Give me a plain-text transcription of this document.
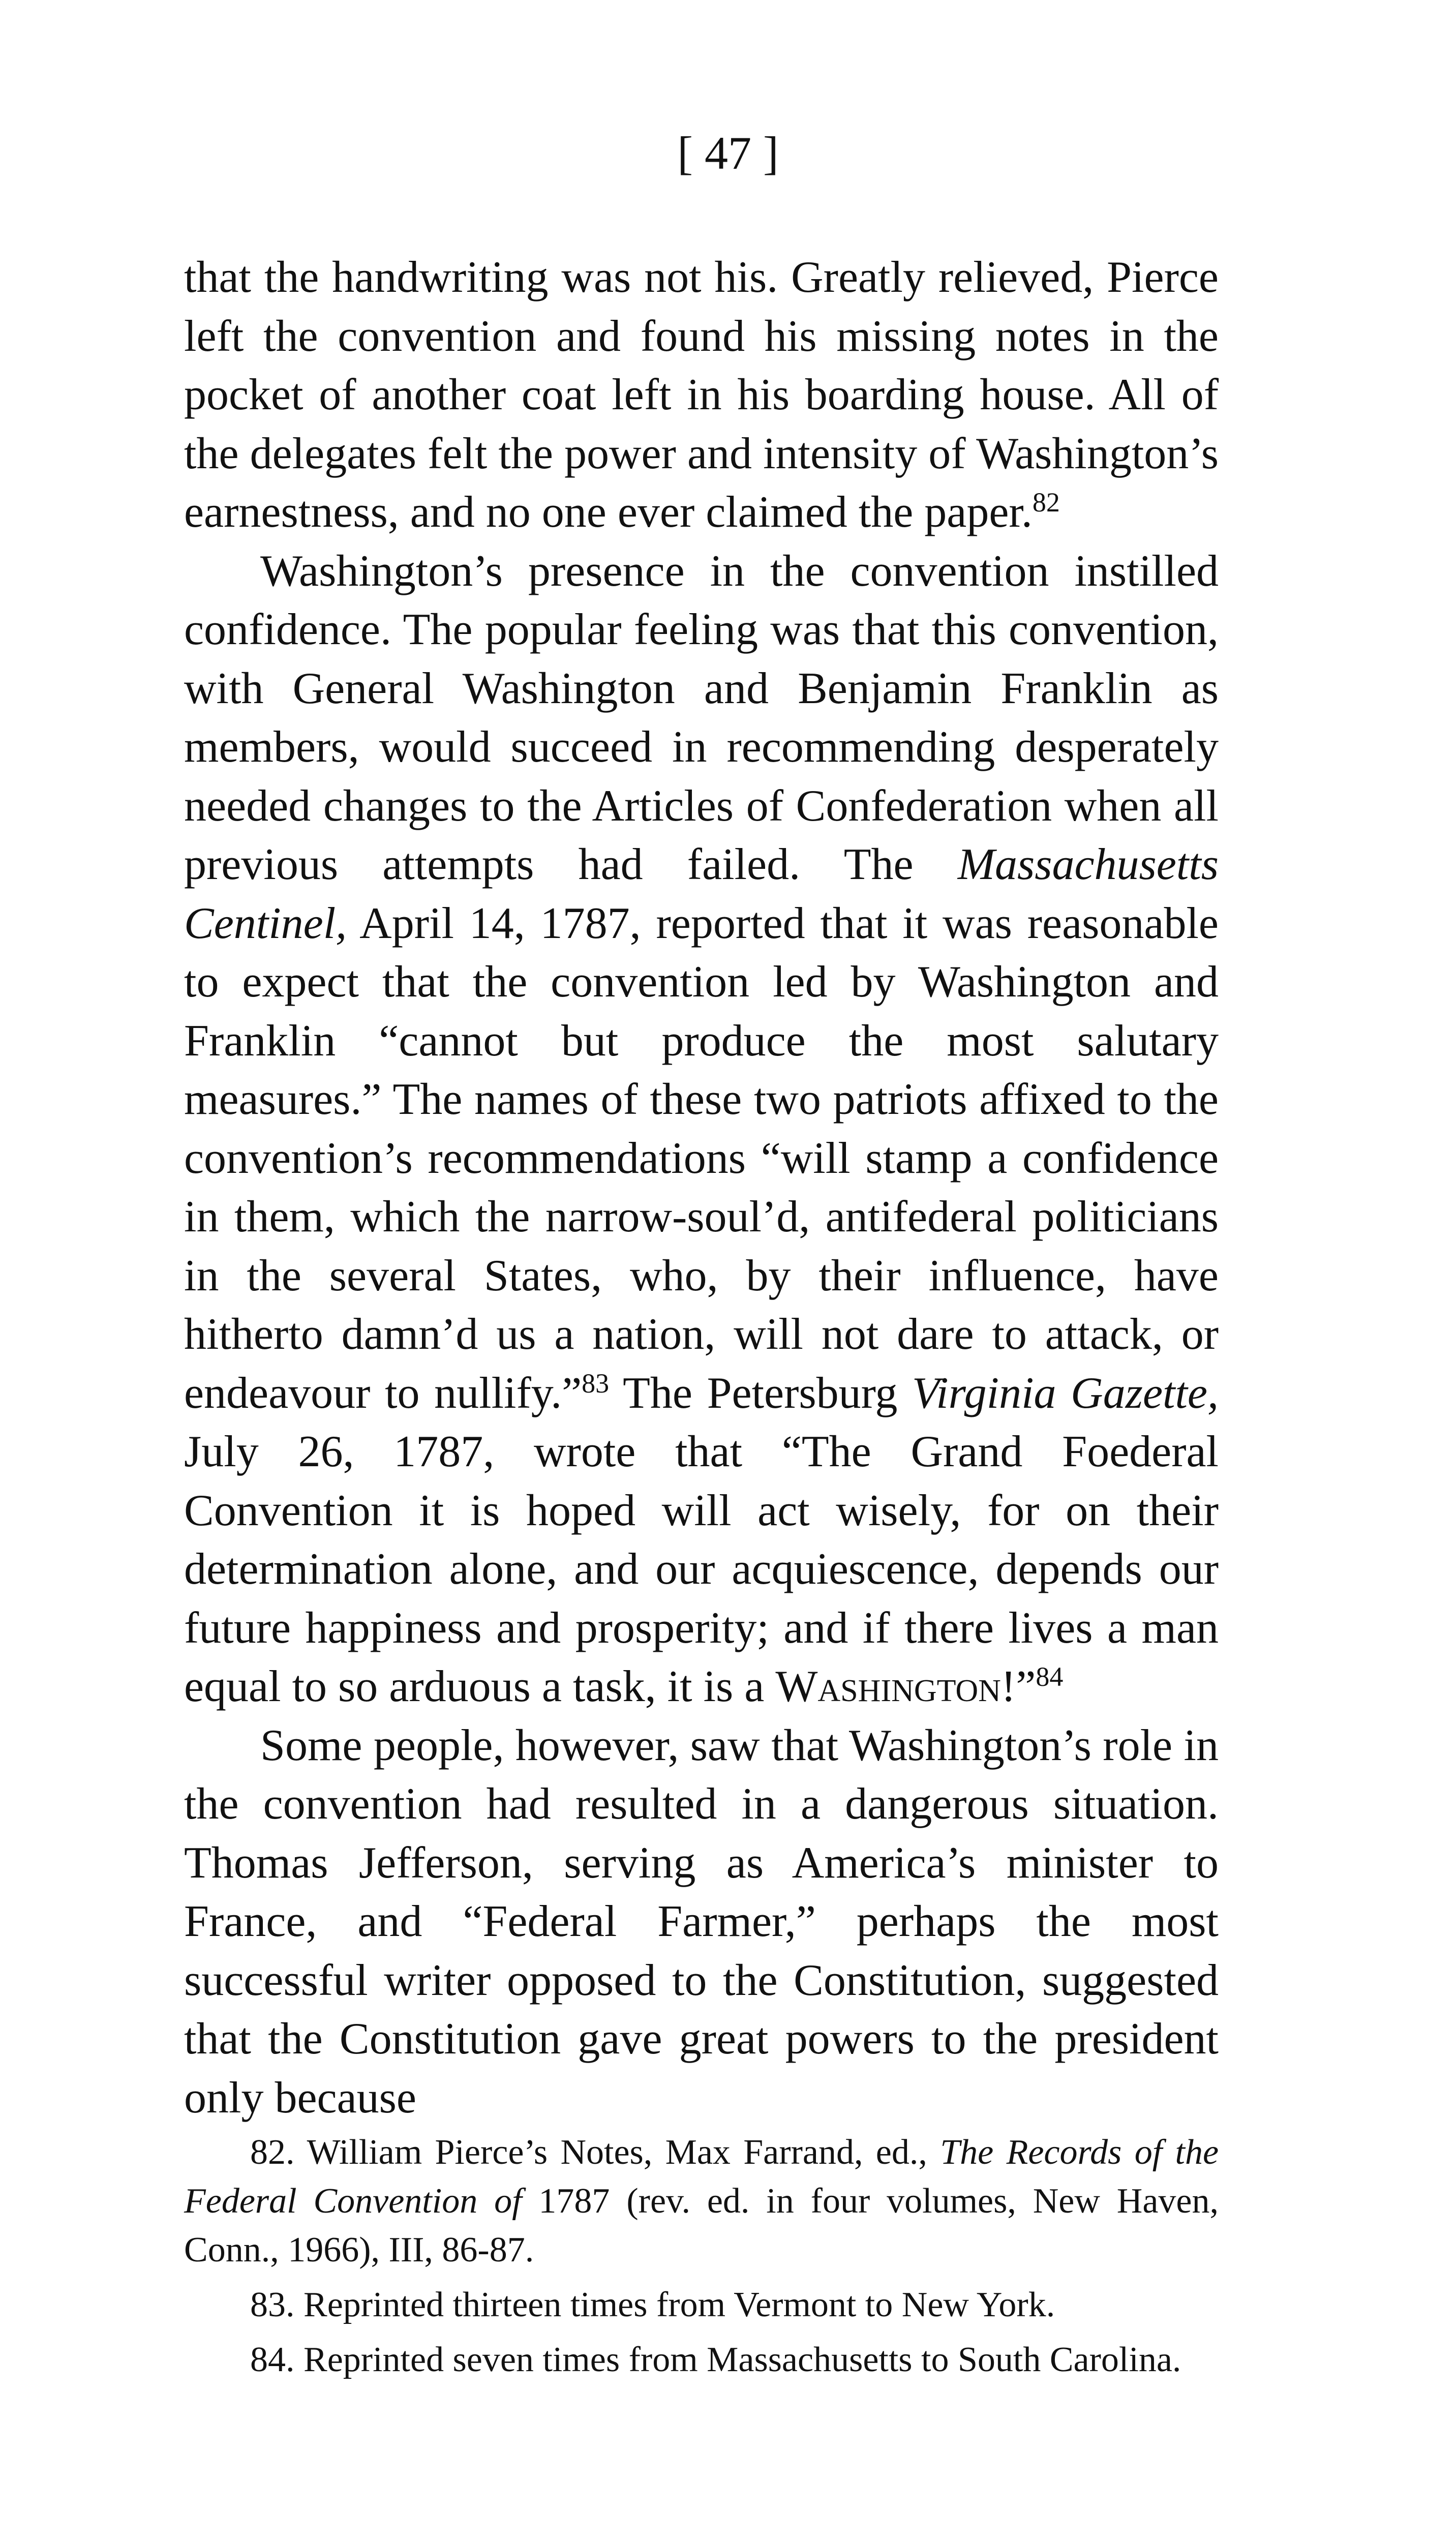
[ 47 ]

that the handwriting was not his. Greatly relieved, Pierce left the convention and found his missing notes in the pocket of another coat left in his boarding house. All of the delegates felt the power and intensity of Washington’s earnestness, and no one ever claimed the paper.$^{82}$

Washington’s presence in the convention instilled confidence. The popular feeling was that this convention, with General Washington and Benjamin Franklin as members, would succeed in recommending desperately needed changes to the Articles of Confederation when all previous attempts had failed. The Massachusetts Centinel, April 14, 1787, reported that it was reasonable to expect that the convention led by Washington and Franklin “cannot but produce the most salutary measures.” The names of these two patriots affixed to the convention’s recommendations “will stamp a confidence in them, which the narrow-soul’d, antifederal politicians in the several States, who, by their influence, have hitherto damn’d us a nation, will not dare to attack, or endeavour to nullify.”$^{83}$ The Petersburg Virginia Gazette, July 26, 1787, wrote that “The Grand Foederal Convention it is hoped will act wisely, for on their determination alone, and our acquiescence, depends our future happiness and prosperity; and if there lives a man equal to so arduous a task, it is a Washington!”$^{84}$

Some people, however, saw that Washington’s role in the convention had resulted in a dangerous situation. Thomas Jefferson, serving as America’s minister to France, and “Federal Farmer,” perhaps the most successful writer opposed to the Constitution, suggested that the Constitution gave great powers to the president only because

82. William Pierce’s Notes, Max Farrand, ed., The Records of the Federal Convention of 1787 (rev. ed. in four volumes, New Haven, Conn., 1966), III, 86-87.

83. Reprinted thirteen times from Vermont to New York.

84. Reprinted seven times from Massachusetts to South Carolina.
